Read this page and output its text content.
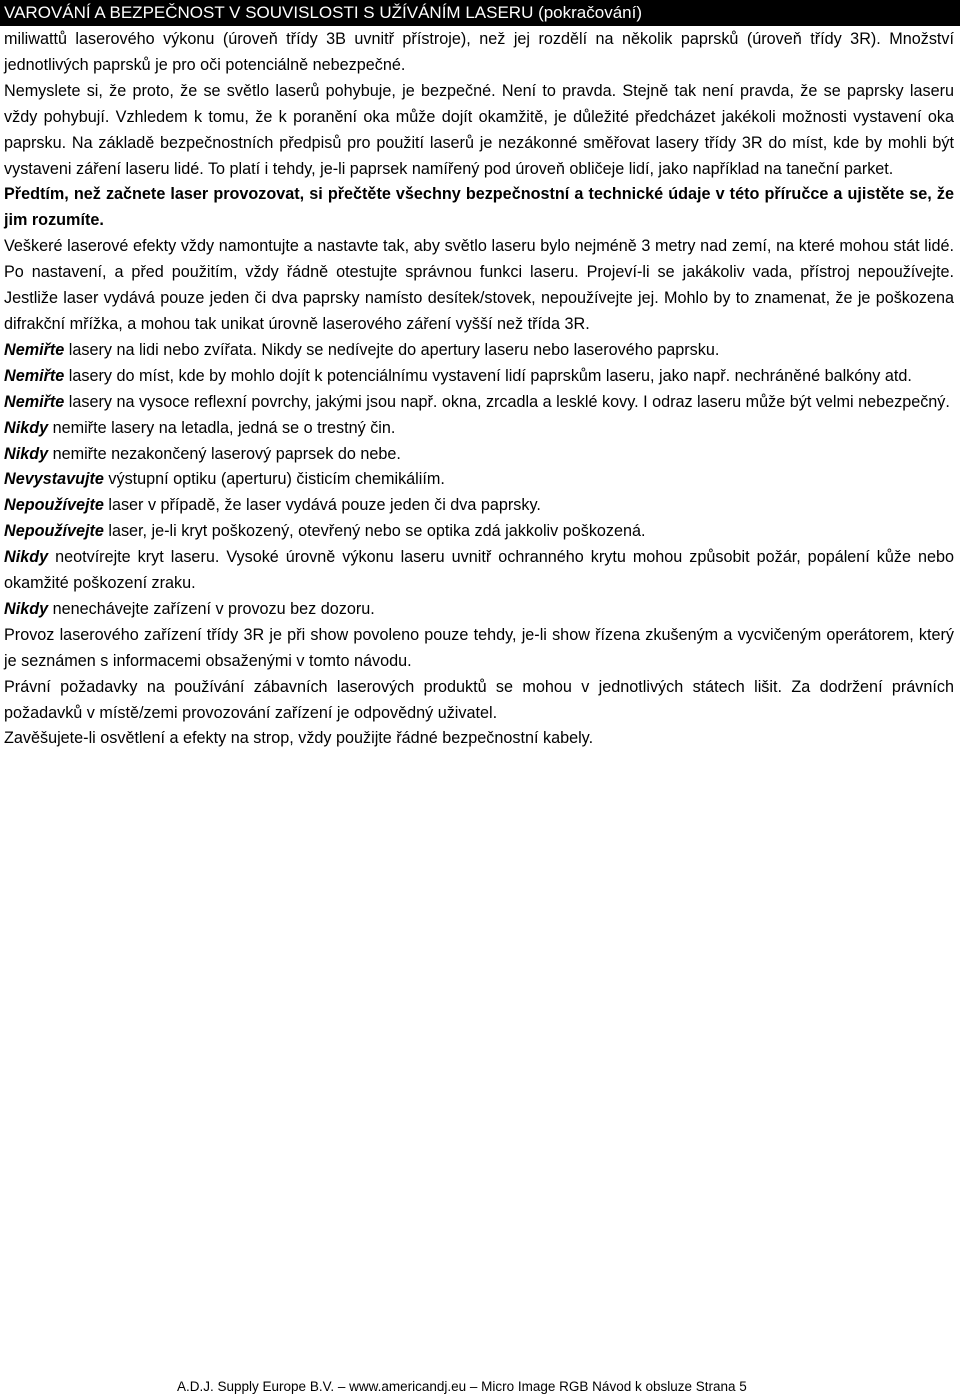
VAROVÁNÍ A BEZPEČNOST V SOUVISLOSTI S UŽÍVÁNÍM LASERU (pokračování)

miliwattů laserového výkonu (úroveň třídy 3B uvnitř přístroje), než jej rozdělí na několik paprsků (úroveň třídy 3R). Množství jednotlivých paprsků je pro oči potenciálně nebezpečné.

Nemyslete si, že proto, že se světlo laserů pohybuje, je bezpečné. Není to pravda. Stejně tak není pravda, že se paprsky laseru vždy pohybují. Vzhledem k tomu, že k poranění oka může dojít okamžitě, je důležité předcházet jakékoli možnosti vystavení oka paprsku. Na základě bezpečnostních předpisů pro použití laserů je nezákonné směřovat lasery třídy 3R do míst, kde by mohli být vystaveni záření laseru lidé. To platí i tehdy, je-li paprsek namířený pod úroveň obličeje lidí, jako například na taneční parket.

Předtím, než začnete laser provozovat, si přečtěte všechny bezpečnostní a technické údaje v této příručce a ujistěte se, že jim rozumíte.

Veškeré laserové efekty vždy namontujte a nastavte tak, aby světlo laseru bylo nejméně 3 metry nad zemí, na které mohou stát lidé. Po nastavení, a před použitím, vždy řádně otestujte správnou funkci laseru. Projeví-li se jakákoliv vada, přístroj nepoužívejte. Jestliže laser vydává pouze jeden či dva paprsky namísto desítek/stovek, nepoužívejte jej. Mohlo by to znamenat, že je poškozena difrakční mřížka, a mohou tak unikat úrovně laserového záření vyšší než třída 3R.

Nemiřte lasery na lidi nebo zvířata. Nikdy se nedívejte do apertury laseru nebo laserového paprsku.

Nemiřte lasery do míst, kde by mohlo dojít k potenciálnímu vystavení lidí paprskům laseru, jako např. nechráněné balkóny atd.

Nemiřte lasery na vysoce reflexní povrchy, jakými jsou např. okna, zrcadla a lesklé kovy. I odraz laseru může být velmi nebezpečný.

Nikdy nemiřte lasery na letadla, jedná se o trestný čin.

Nikdy nemiřte nezakončený laserový paprsek do nebe.

Nevystavujte výstupní optiku (aperturu) čisticím chemikáliím.

Nepoužívejte laser v případě, že laser vydává pouze jeden či dva paprsky.

Nepoužívejte laser, je-li kryt poškozený, otevřený nebo se optika zdá jakkoliv poškozená.

Nikdy neotvírejte kryt laseru. Vysoké úrovně výkonu laseru uvnitř ochranného krytu mohou způsobit požár, popálení kůže nebo okamžité poškození zraku.

Nikdy nenechávejte zařízení v provozu bez dozoru.

Provoz laserového zařízení třídy 3R je při show povoleno pouze tehdy, je-li show řízena zkušeným a vycvičeným operátorem, který je seznámen s informacemi obsaženými v tomto návodu.

Právní požadavky na používání zábavních laserových produktů se mohou v jednotlivých státech lišit. Za dodržení právních požadavků v místě/zemi provozování zařízení je odpovědný uživatel.

Zavěšujete-li osvětlení a efekty na strop, vždy použijte řádné bezpečnostní kabely.

A.D.J. Supply Europe B.V. – www.americandj.eu – Micro Image RGB Návod k obsluze Strana 5
